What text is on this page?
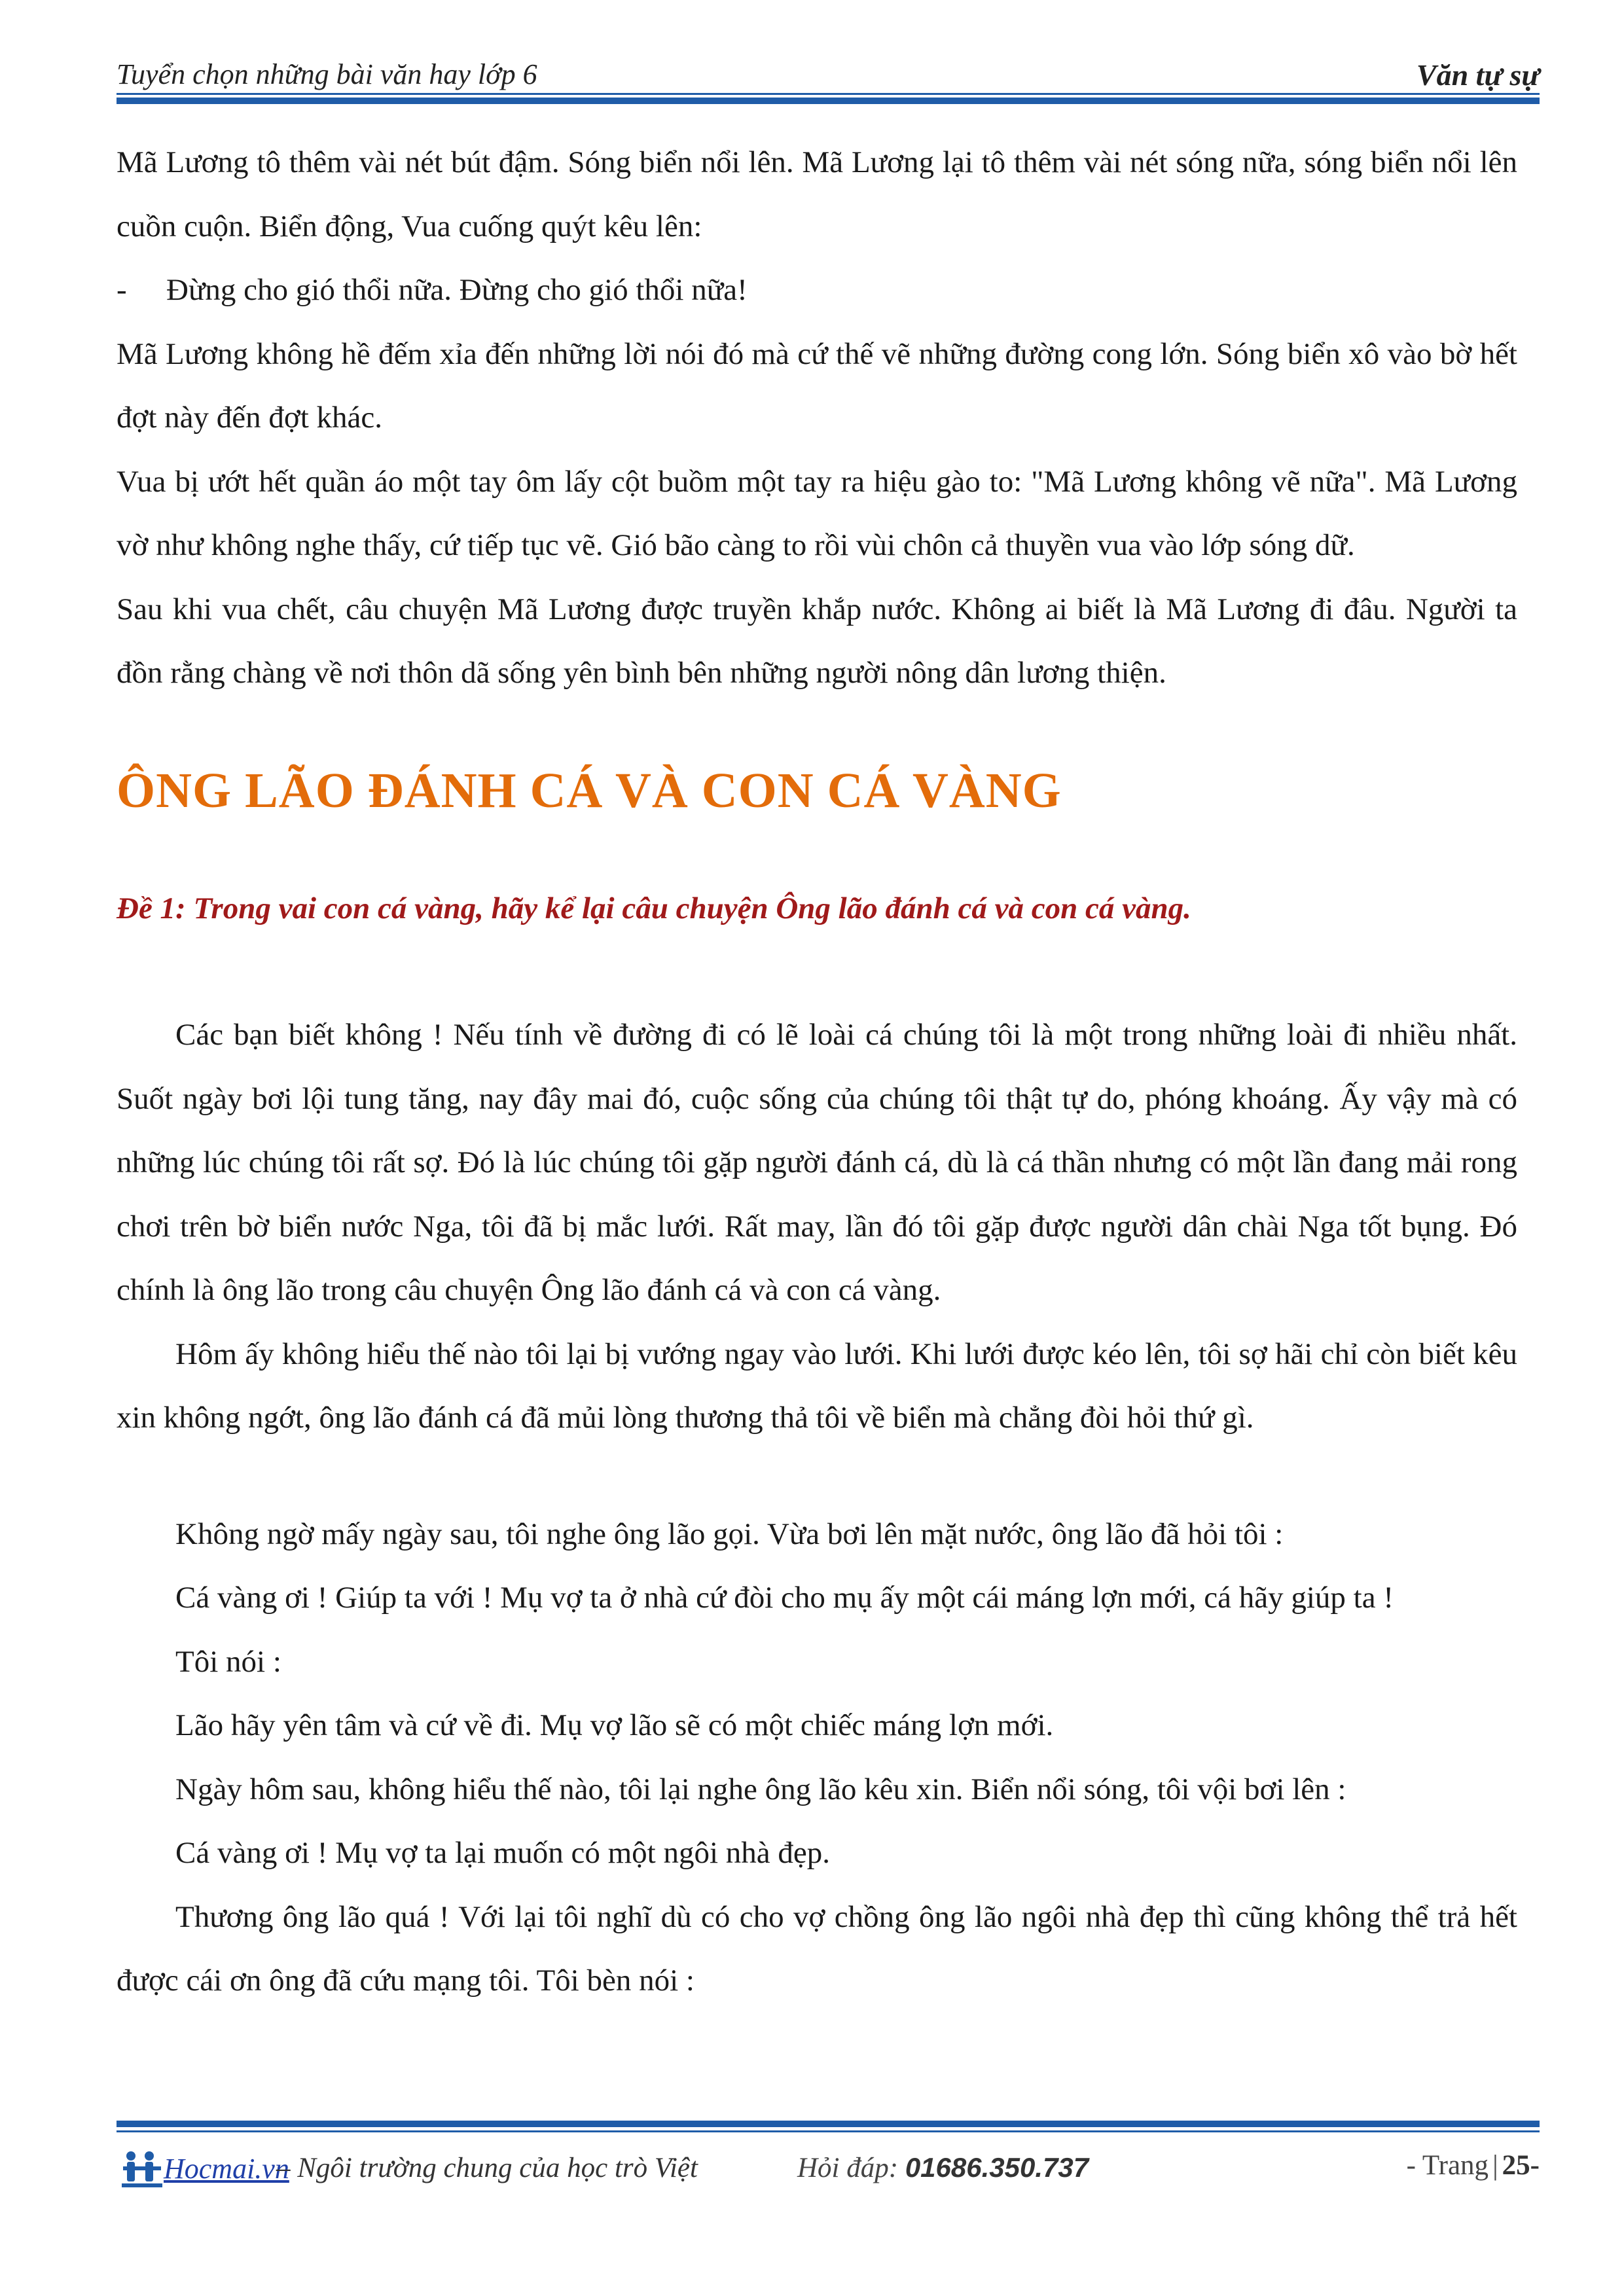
Tuyển chọn những bài văn hay lớp 6	Văn tự sự

Mã Lương tô thêm vài nét bút đậm. Sóng biển nổi lên. Mã Lương lại tô thêm vài nét sóng nữa, sóng biển nổi lên cuồn cuộn. Biển động, Vua cuống quýt kêu lên:

- Đừng cho gió thổi nữa. Đừng cho gió thổi nữa!

Mã Lương không hề đếm xỉa đến những lời nói đó mà cứ thế vẽ những đường cong lớn. Sóng biển xô vào bờ hết đợt này đến đợt khác.

Vua bị ướt hết quần áo một tay ôm lấy cột buồm một tay ra hiệu gào to: "Mã Lương không vẽ nữa". Mã Lương vờ như không nghe thấy, cứ tiếp tục vẽ. Gió bão càng to rồi vùi chôn cả thuyền vua vào lớp sóng dữ.

Sau khi vua chết, câu chuyện Mã Lương được truyền khắp nước. Không ai biết là Mã Lương đi đâu. Người ta đồn rằng chàng về nơi thôn dã sống yên bình bên những người nông dân lương thiện.

ÔNG LÃO ĐÁNH CÁ VÀ CON CÁ VÀNG

Đề 1: Trong vai con cá vàng, hãy kể lại câu chuyện Ông lão đánh cá và con cá vàng.

Các bạn biết không ! Nếu tính về đường đi có lẽ loài cá chúng tôi là một trong những loài đi nhiều nhất. Suốt ngày bơi lội tung tăng, nay đây mai đó, cuộc sống của chúng tôi thật tự do, phóng khoáng. Ấy vậy mà có những lúc chúng tôi rất sợ. Đó là lúc chúng tôi gặp người đánh cá, dù là cá thần nhưng có một lần đang mải rong chơi trên bờ biển nước Nga, tôi đã bị mắc lưới. Rất may, lần đó tôi gặp được người dân chài Nga tốt bụng. Đó chính là ông lão trong câu chuyện Ông lão đánh cá và con cá vàng.

Hôm ấy không hiểu thế nào tôi lại bị vướng ngay vào lưới. Khi lưới được kéo lên, tôi sợ hãi chỉ còn biết kêu xin không ngớt, ông lão đánh cá đã mủi lòng thương thả tôi về biển mà chẳng đòi hỏi thứ gì.

Không ngờ mấy ngày sau, tôi nghe ông lão gọi. Vừa bơi lên mặt nước, ông lão đã hỏi tôi :

Cá vàng ơi ! Giúp ta với ! Mụ vợ ta ở nhà cứ đòi cho mụ ấy một cái máng lợn mới, cá hãy giúp ta !

Tôi nói :

Lão hãy yên tâm và cứ về đi. Mụ vợ lão sẽ có một chiếc máng lợn mới.

Ngày hôm sau, không hiểu thế nào, tôi lại nghe ông lão kêu xin. Biển nổi sóng, tôi vội bơi lên :

Cá vàng ơi ! Mụ vợ ta lại muốn có một ngôi nhà đẹp.

Thương ông lão quá ! Với lại tôi nghĩ dù có cho vợ chồng ông lão ngôi nhà đẹp thì cũng không thể trả hết được cái ơn ông đã cứu mạng tôi. Tôi bèn nói :

Hocmai.vn
– Ngôi trường chung của học trò Việt	Hỏi đáp: 01686.350.737	- Trang | 25-
